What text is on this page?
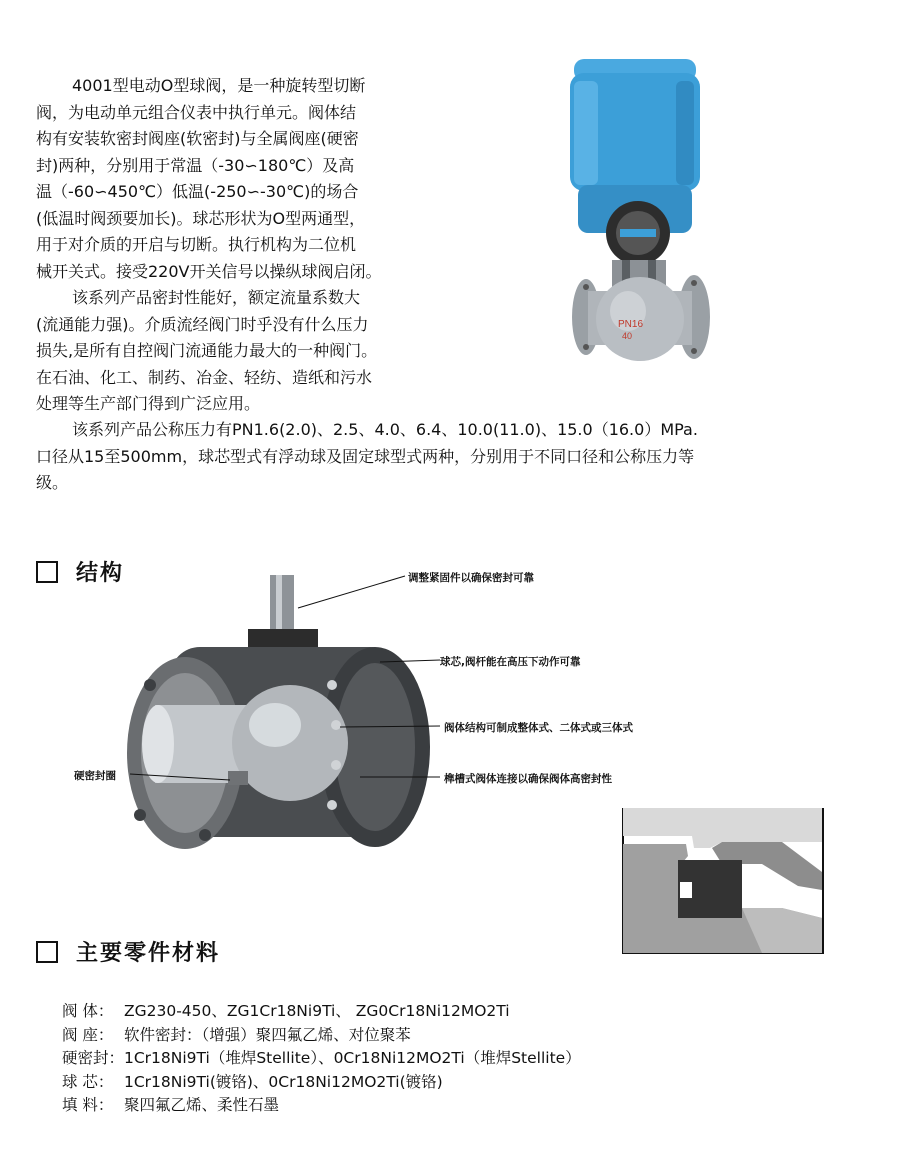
4001型电动O型球阀，是一种旋转型切断
阀，为电动单元组合仪表中执行单元。阀体结
构有安装软密封阀座(软密封)与全属阀座(硬密
封)两种，分别用于常温（-30∽180℃）及高
温（-60∽450℃）低温(-250∽-30℃)的场合
(低温时阀颈要加长)。球芯形状为O型两通型，
用于对介质的开启与切断。执行机构为二位机
械开关式。接受220V开关信号以操纵球阀启闭。
该系列产品密封性能好，额定流量系数大
(流通能力强)。介质流经阀门时乎没有什么压力
损失,是所有自控阀门流通能力最大的一种阀门。
在石油、化工、制药、冶金、轻纺、造纸和污水
处理等生产部门得到广泛应用。
该系列产品公称压力有PN1.6(2.0)、2.5、4.0、6.4、10.0(11.0)、15.0（16.0）MPa.
口径从15至500mm，球芯型式有浮动球及固定球型式两种，分别用于不同口径和公称压力等
级。
PN16
40
结构	调整紧固件以确保密封可靠
球芯,阀杆能在高压下动作可靠
阀体结构可制成整体式、二体式或三体式
榫槽式阀体连接以确保阀体高密封性
硬密封圈
主要零件材料
阀 体： ZG230-450、ZG1Cr18Ni9Ti、 ZG0Cr18Ni12MO2Ti
阀 座： 软件密封：（增强）聚四氟乙烯、对位聚苯
硬密封： 1Cr18Ni9Ti（堆焊Stellite）、0Cr18Ni12MO2Ti（堆焊Stellite）
球 芯： 1Cr18Ni9Ti(镀铬)、0Cr18Ni12MO2Ti(镀铬)
填 料： 聚四氟乙烯、柔性石墨
